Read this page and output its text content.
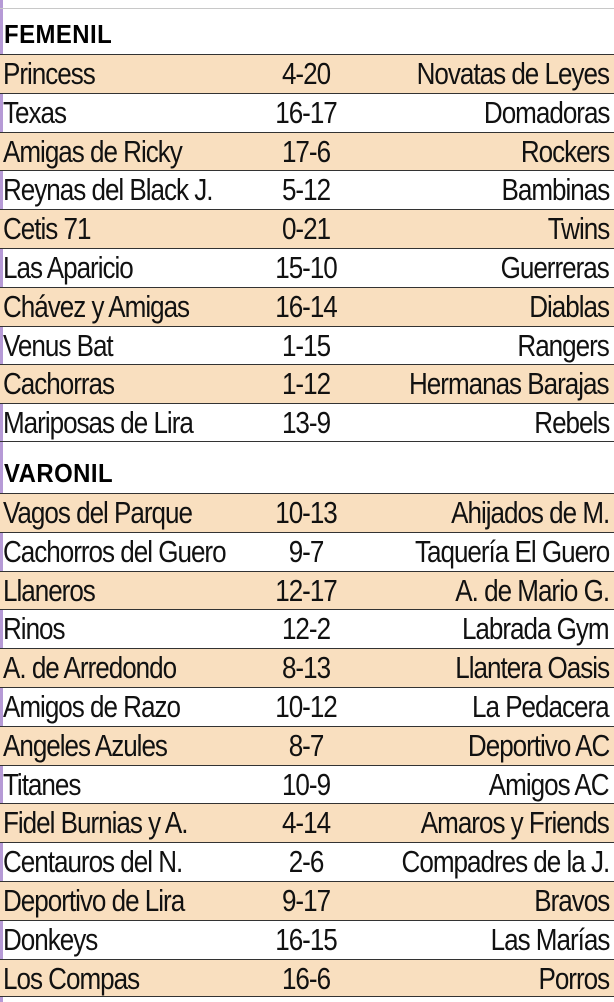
FEMENIL
Princess	4-20	Novatas de Leyes
Texas	16-17	Domadoras
Amigas de Ricky	17-6	Rockers
Reynas del Black J. 5-12	Bambinas
Cetis 71	0-21	Twins
Las Aparicio	15-10	Guerreras
Chávez y Amigas	16-14	Diablas
Venus Bat	1-15	Rangers
Cachorras	1-12	Hermanas Barajas
Mariposas de Lira	13-9	Rebels
VARONIL
Vagos del Parque	10-13	Ahijados de M.
Cachorros del Guero 9-7	Taquería El Guero
Llaneros	12-17	A. de Mario G.
Rinos	12-2	Labrada Gym
A. de Arredondo	8-13	Llantera Oasis
Amigos de Razo	10-12	La Pedacera
Angeles Azules	8-7	Deportivo AC
Titanes	10-9	Amigos AC
Fidel Burnias y A.	4-14	Amaros y Friends
Centauros del N.	2-6	Compadres de la J.
Deportivo de Lira	9-17	Bravos
Donkeys	16-15	Las Marías
Los Compas	16-6	Porros
